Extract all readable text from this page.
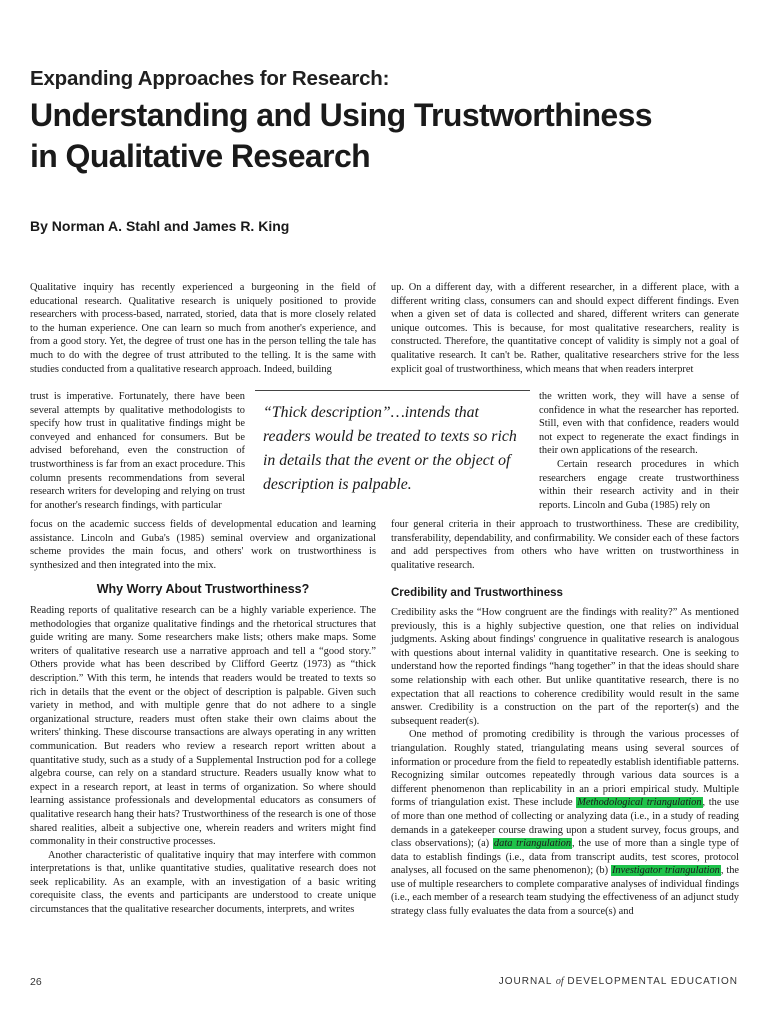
Expanding Approaches for Research:
Understanding and Using Trustworthiness
in Qualitative Research
By Norman A. Stahl and James R. King

Qualitative inquiry has recently experienced a burgeoning in the field of educational research. Qualitative research is uniquely positioned to provide researchers with process-based, narrated, storied, data that is more closely related to the human experience. One can learn so much from another's experience, and from a good story. Yet, the degree of trust one has in the person telling the tale has much to do with the degree of trust attributed to the telling. It is the same with studies conducted from a qualitative research approach. Indeed, building

trust is imperative. Fortunately, there have been several attempts by qualitative methodologists to specify how trust in qualitative findings might be conveyed and enhanced for consumers. But be advised beforehand, even the construction of trustworthiness is far from an exact procedure. This column presents recommendations from several research writers for developing and relying on trust for another's research findings, with particular

focus on the academic success fields of developmental education and learning assistance. Lincoln and Guba's (1985) seminal overview and organizational scheme provides the main focus, and others' work on trustworthiness is synthesized and then integrated into the mix.

“Thick description”…intends that readers would be treated to texts so rich in details that the event or the object of description is palpable.

Why Worry About Trustworthiness?

Reading reports of qualitative research can be a highly variable experience. The methodologies that organize qualitative findings and the rhetorical structures that guide writing are many. Some researchers make lists; others make maps. Some writers of qualitative research use a narrative approach and tell a “good story.” Others provide what has been described by Clifford Geertz (1973) as “thick description.” With this term, he intends that readers would be treated to texts so rich in details that the event or the object of description is palpable. Given such variety in method, and with multiple genre that do not adhere to a single organizational structure, readers must often stake their own claims about the writers' thinking. These discourse transactions are always operating in any written communication. But readers who review a research report written about a quantitative study, such as a study of a Supplemental Instruction pod for a college algebra course, can rely on a standard structure. Readers usually know what to expect in a research report, at least in terms of organization. So where should learning assistance professionals and developmental educators as consumers of qualitative research hang their hats? Trustworthiness of the research is one of those shared realities, albeit a subjective one, wherein readers and writers might find commonality in their constructive processes.

Another characteristic of qualitative inquiry that may interfere with common interpretations is that, unlike quantitative studies, qualitative research does not seek replicability. As an example, with an investigation of a basic writing corequisite class, the events and participants are understood to create unique circumstances that the qualitative researcher documents, interprets, and writes

up. On a different day, with a different researcher, in a different place, with a different writing class, consumers can and should expect different findings. Even when a given set of data is collected and shared, different writers can generate unique outcomes. This is because, for most qualitative researchers, reality is constructed. Therefore, the quantitative concept of validity is simply not a goal of qualitative research. It can't be. Rather, qualitative researchers strive for the less explicit goal of trustworthiness, which means that when readers interpret

the written work, they will have a sense of confidence in what the researcher has reported. Still, even with that confidence, readers would not expect to regenerate the exact findings in their own applications of the research.

Certain research procedures in which researchers engage create trustworthiness within their research activity and in their reports. Lincoln and Guba (1985) rely on

four general criteria in their approach to trustworthiness. These are credibility, transferability, dependability, and confirmability. We consider each of these factors and add perspectives from others who have written on trustworthiness in qualitative research.

Credibility and Trustworthiness

Credibility asks the “How congruent are the findings with reality?” As mentioned previously, this is a highly subjective question, one that relies on individual judgments. Asking about findings' congruence in qualitative research is analogous with questions about internal validity in quantitative research. One is seeking to understand how the reported findings “hang together” in that the ideas should share some relationship with each other. But unlike quantitative research, there is no expectation that all reactions to coherence credibility would result in the same answer. Credibility is a construction on the part of the reporter(s) and the subsequent reader(s).

One method of promoting credibility is through the various processes of triangulation. Roughly stated, triangulating means using several sources of information or procedure from the field to repeatedly establish identifiable patterns. Recognizing similar outcomes repeatedly through various data sources is a different phenomenon than replicability in an a priori empirical study. Multiple forms of triangulation exist. These include Methodological triangulation, the use of more than one method of collecting or analyzing data (i.e., in a study of reading demands in a gatekeeper course drawing upon a student survey, focus groups, and class observations); (a) data triangulation, the use of more than a single type of data to establish findings (i.e., data from transcript audits, test scores, protocol analyses, all focused on the same phenomenon); (b) Investigator triangulation, the use of multiple researchers to complete comparative analyses of individual findings (i.e., each member of a research team studying the effectiveness of an adjunct study strategy class fully evaluates the data from a source(s) and

26	JOURNAL of DEVELOPMENTAL EDUCATION
